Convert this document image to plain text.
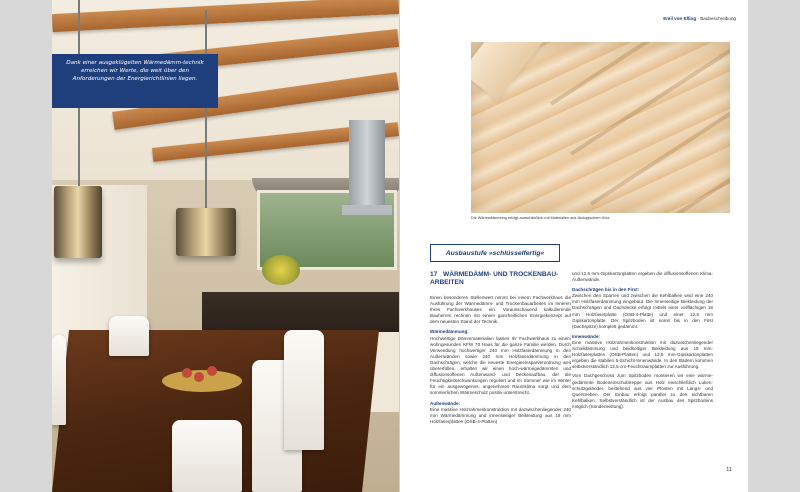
Dank einer ausgeklügelten Wärmedämm-technik erreichen wir Werte, die weit über den Anforderungen der Energierichtlinien liegen.

Emil von Elling · Baubeschreibung
Die Wärmedämmung erfolgt ausschließlich mit Materialien aus ökologischem Holz.
Ausbaustufe »schlüsselfertig«
17 WÄRMEDÄMM- UND TROCKENBAU-ARBEITEN

Einen besonderen Stellenwert nimmt bei einem Fachwerkhaus die Ausführung der Wärmedämm- und Trockenbauarbeiten im Inneren Ihres Fachwerkhauses ein. Vorausschauend kalkulierende Bauherren rechnen mit einem ganzheitlichen Energiekonzept auf dem neuesten Stand der Technik.

Wärmedämmung:

Hochwertige Dämmmaterialien lassen Ihr Fachwerkhaus zu einem wohngesunden KFW 70 Haus für die ganze Familie werden. Durch Verwendung hochwertiger 240 mm Holzfaserdämmung in den Außenwänden sowie 240 mm Holzfaserdämmung in den Dachschrägen, welche die neueste Energieeinsparverordnung weit übererfüllen, erhalten wir einen hoch-wärmegedämmten und diffusionsoffenen Außenwand- und Deckenaufbau, der die Feuchtigkeitsschwankungen reguliert und im Sommer wie im Winter für ein ausgewogenes, angenehmes Raumklima sorgt und dem sommerlichen Wärmeschutz positiv unterstreicht.

Außenwände:

Eine massive Holzrahmenkonstruktion mit dazwischenliegender 240 mm Wärmedämmung und innenseitiger Beikleidung aus 18 mm Holzfaserplatten (OSB-4-Platten)

und 12,5 mm-Gipskartonplatten ergeben die diffusionsoffenen Klima-Außenwände.

Dachschrägen bis in den First:

Zwischen den Sparren und zwischen die Kehlbalken wird eine 240 mm Holzfaserdämmung eingebaut. Die Innenseitige Beikleidung der Dachschrägen und Dachdecke erfolgt mittels einer vollflächigen 18 mm Holzfaserplatte (OSB-4-Platte) und einer 12,5 mm Gipskartonplatte. Der Spitzboden ist somit bis in den First (Dachspitze) komplett gedämmt.

Innenwände:

Eine massive Holzrahmenkonstruktion mit dazwischenliegender Schalldämmung und beidseitiger Beikleidung aus 18 mm-Holzfaserplatten (OSB-Platten) und 12,5 mm-Gipskartonplatten ergeben die stabilen 5-Schicht-Innenwände. In den Bädern kommen selbstverständlich 12,5 cm-Feuchtraumplatten zur Ausführung.

Vom Dachgeschoss zum Spitzboden montieren wir eine wärme-gedämmte Bodeneinschubtreppe aus Holz einschließlich Luken-schutzgeländer, bestehend aus vier Pfosten mit Längs- und Querstreben. Der Einbau erfolgt parallel zu den sichtbaren Kehlbalken. Selbstverständlich ist der Ausbau des Spitzbodens möglich (Sonderleistung).

11
